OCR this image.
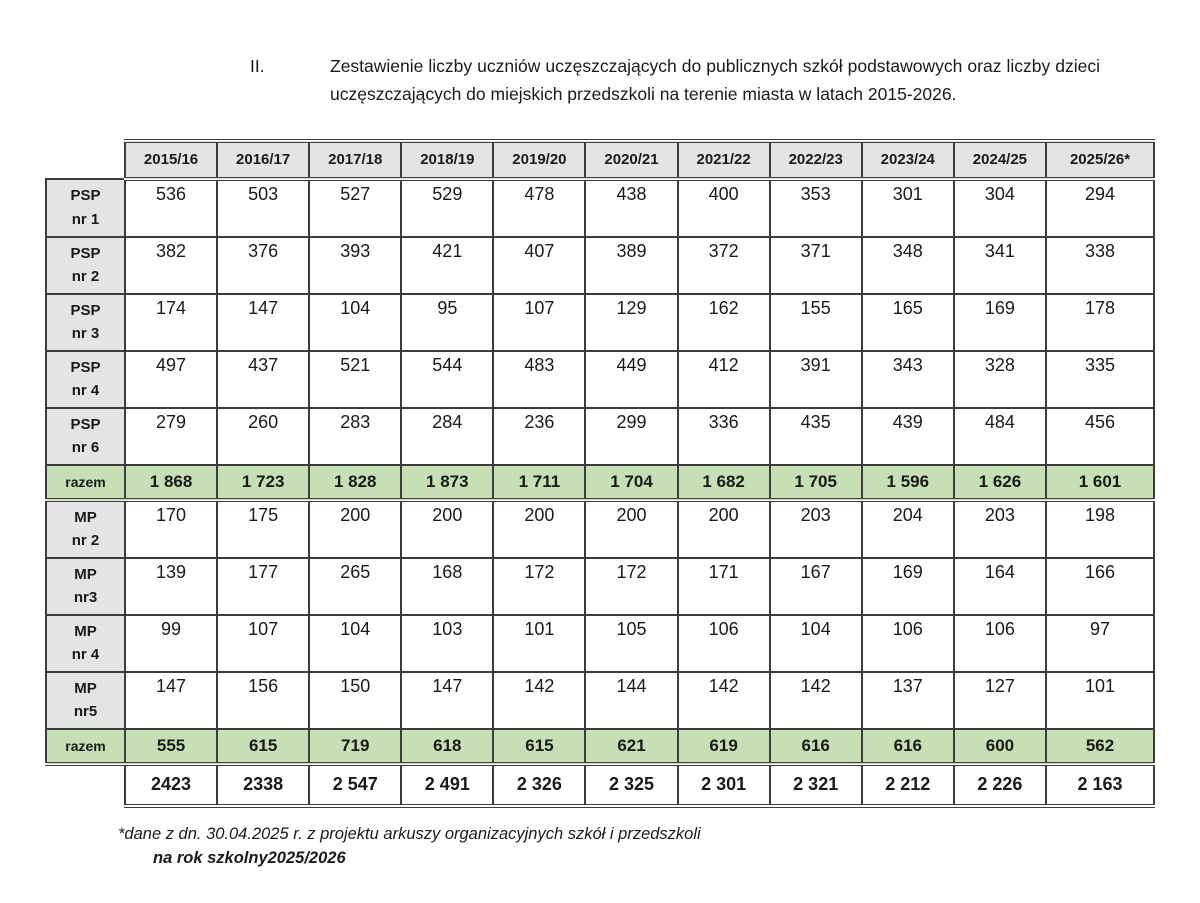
II.	Zestawienie liczby uczniów uczęszczających do publicznych szkół podstawowych oraz liczby dzieci uczęszczających do miejskich przedszkoli na terenie miasta w latach 2015-2026.

	2015/16	2016/17	2017/18	2018/19	2019/20	2020/21	2021/22	2022/23	2023/24	2024/25	2025/26*

PSP
nr 1	536	503	527	529	478	438	400	353	301	304	294

PSP
nr 2	382	376	393	421	407	389	372	371	348	341	338

PSP
nr 3	174	147	104	95	107	129	162	155	165	169	178

PSP
nr 4	497	437	521	544	483	449	412	391	343	328	335

PSP
nr 6	279	260	283	284	236	299	336	435	439	484	456

razem	1 868	1 723	1 828	1 873	1 711	1 704	1 682	1 705	1 596	1 626	1 601

MP
nr 2	170	175	200	200	200	200	200	203	204	203	198

MP
nr3	139	177	265	168	172	172	171	167	169	164	166

MP
nr 4	99	107	104	103	101	105	106	104	106	106	97

MP
nr5	147	156	150	147	142	144	142	142	137	127	101

razem	555	615	719	618	615	621	619	616	616	600	562
	2423	2338	2 547	2 491	2 326	2 325	2 301	2 321	2 212	2 226	2 163
*dane z dn. 30.04.2025 r. z projektu arkuszy organizacyjnych szkół i przedszkoli
na rok szkolny2025/2026
